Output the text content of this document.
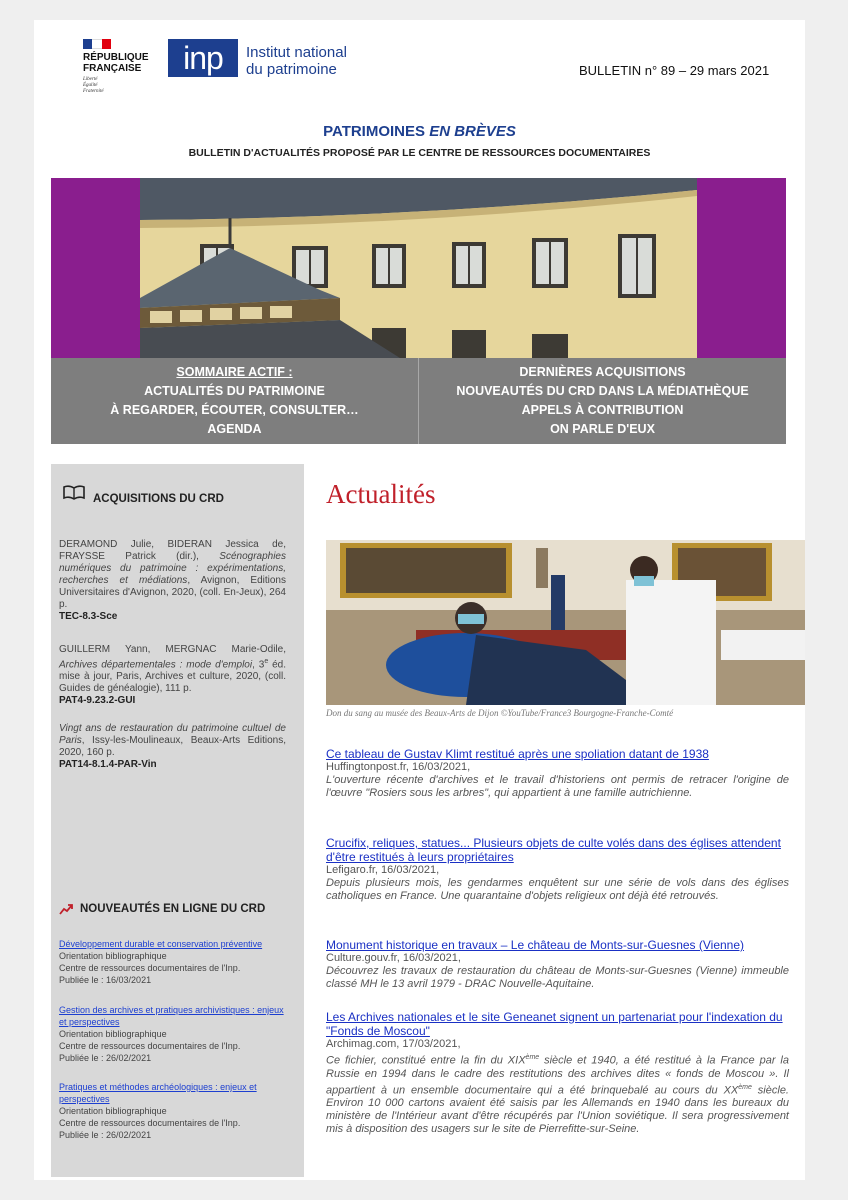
RÉPUBLIQUE
FRANÇAISE
Liberté
Égalité
Fraternité
inp	Institut national
du patrimoine	BULLETIN n° 89 – 29 mars 2021
PATRIMOINES EN BRÈVES
BULLETIN D'ACTUALITÉS PROPOSÉ PAR LE CENTRE DE RESSOURCES DOCUMENTAIRES
SOMMAIRE ACTIF :
ACTUALITÉS DU PATRIMOINE
À REGARDER, ÉCOUTER, CONSULTER…
AGENDA
DERNIÈRES ACQUISITIONS
NOUVEAUTÉS DU CRD DANS LA MÉDIATHÈQUE
APPELS À CONTRIBUTION
ON PARLE D'EUX
ACQUISITIONS DU CRD
DERAMOND Julie, BIDERAN Jessica de, FRAYSSE Patrick (dir.), Scénographies numériques du patrimoine : expérimentations, recherches et médiations, Avignon, Editions Universitaires d'Avignon, 2020, (coll. En-Jeux), 264 p.
TEC-8.3-Sce
GUILLERM Yann, MERGNAC Marie-Odile, Archives départementales : mode d'emploi, 3e éd. mise à jour, Paris, Archives et culture, 2020, (coll. Guides de généalogie), 111 p.
PAT4-9.23.2-GUI
Vingt ans de restauration du patrimoine cultuel de Paris, Issy-les-Moulineaux, Beaux-Arts Editions, 2020, 160 p.
PAT14-8.1.4-PAR-Vin
NOUVEAUTÉS EN LIGNE DU CRD
Développement durable et conservation préventive
Orientation bibliographique
Centre de ressources documentaires de l'Inp.
Publiée le : 16/03/2021
Gestion des archives et pratiques archivistiques : enjeux et perspectives
Orientation bibliographique
Centre de ressources documentaires de l'Inp.
Publiée le : 26/02/2021
Pratiques et méthodes archéologiques : enjeux et perspectives
Orientation bibliographique
Centre de ressources documentaires de l'Inp.
Publiée le : 26/02/2021
Actualités
Don du sang au musée des Beaux-Arts de Dijon ©YouTube/France3 Bourgogne-Franche-Comté
Ce tableau de Gustav Klimt restitué après une spoliation datant de 1938
Huffingtonpost.fr, 16/03/2021,
L'ouverture récente d'archives et le travail d'historiens ont permis de retracer l'origine de l'œuvre "Rosiers sous les arbres", qui appartient à une famille autrichienne.
Crucifix, reliques, statues... Plusieurs objets de culte volés dans des églises attendent d'être restitués à leurs propriétaires
Lefigaro.fr, 16/03/2021,
Depuis plusieurs mois, les gendarmes enquêtent sur une série de vols dans des églises catholiques en France. Une quarantaine d'objets religieux ont déjà été retrouvés.
Monument historique en travaux – Le château de Monts-sur-Guesnes (Vienne)
Culture.gouv.fr, 16/03/2021,
Découvrez les travaux de restauration du château de Monts-sur-Guesnes (Vienne) immeuble classé MH le 13 avril 1979 - DRAC Nouvelle-Aquitaine.
Les Archives nationales et le site Geneanet signent un partenariat pour l'indexation du "Fonds de Moscou"
Archimag.com, 17/03/2021,
Ce fichier, constitué entre la fin du XIXème siècle et 1940, a été restitué à la France par la Russie en 1994 dans le cadre des restitutions des archives dites « fonds de Moscou ». Il appartient à un ensemble documentaire qui a été brinquebalé au cours du XXème siècle. Environ 10 000 cartons avaient été saisis par les Allemands en 1940 dans les bureaux du ministère de l'Intérieur avant d'être récupérés par l'Union soviétique. Il sera progressivement mis à disposition des usagers sur le site de Pierrefitte-sur-Seine.
